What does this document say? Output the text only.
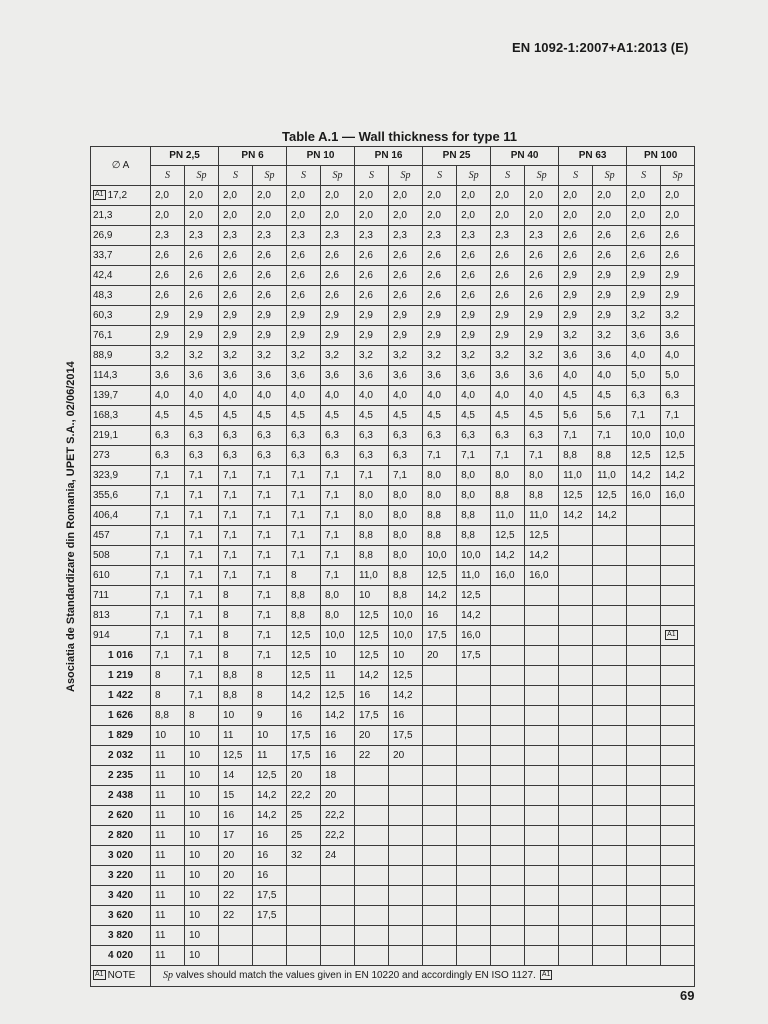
EN 1092-1:2007+A1:2013 (E)
Asociatia de Standardizare din Romania, UPET S.A., 02/06/2014
Table A.1 — Wall thickness for type 11
∅ A	PN 2,5		PN 6		PN 10		PN 16		PN 25		PN 40		PN 63		PN 100	
	S	Sp	S	Sp	S	Sp	S	Sp	S	Sp	S	Sp	S	Sp	S	Sp
A1 17,2	2,0	2,0	2,0	2,0	2,0	2,0	2,0	2,0	2,0	2,0	2,0	2,0	2,0	2,0	2,0	2,0
21,3	2,0	2,0	2,0	2,0	2,0	2,0	2,0	2,0	2,0	2,0	2,0	2,0	2,0	2,0	2,0	2,0
26,9	2,3	2,3	2,3	2,3	2,3	2,3	2,3	2,3	2,3	2,3	2,3	2,3	2,6	2,6	2,6	2,6
33,7	2,6	2,6	2,6	2,6	2,6	2,6	2,6	2,6	2,6	2,6	2,6	2,6	2,6	2,6	2,6	2,6
42,4	2,6	2,6	2,6	2,6	2,6	2,6	2,6	2,6	2,6	2,6	2,6	2,6	2,9	2,9	2,9	2,9
48,3	2,6	2,6	2,6	2,6	2,6	2,6	2,6	2,6	2,6	2,6	2,6	2,6	2,9	2,9	2,9	2,9
60,3	2,9	2,9	2,9	2,9	2,9	2,9	2,9	2,9	2,9	2,9	2,9	2,9	2,9	2,9	3,2	3,2
76,1	2,9	2,9	2,9	2,9	2,9	2,9	2,9	2,9	2,9	2,9	2,9	2,9	3,2	3,2	3,6	3,6
88,9	3,2	3,2	3,2	3,2	3,2	3,2	3,2	3,2	3,2	3,2	3,2	3,2	3,6	3,6	4,0	4,0
114,3	3,6	3,6	3,6	3,6	3,6	3,6	3,6	3,6	3,6	3,6	3,6	3,6	4,0	4,0	5,0	5,0
139,7	4,0	4,0	4,0	4,0	4,0	4,0	4,0	4,0	4,0	4,0	4,0	4,0	4,5	4,5	6,3	6,3
168,3	4,5	4,5	4,5	4,5	4,5	4,5	4,5	4,5	4,5	4,5	4,5	4,5	5,6	5,6	7,1	7,1
219,1	6,3	6,3	6,3	6,3	6,3	6,3	6,3	6,3	6,3	6,3	6,3	6,3	7,1	7,1	10,0	10,0
273	6,3	6,3	6,3	6,3	6,3	6,3	6,3	6,3	7,1	7,1	7,1	7,1	8,8	8,8	12,5	12,5
323,9	7,1	7,1	7,1	7,1	7,1	7,1	7,1	7,1	8,0	8,0	8,0	8,0	11,0	11,0	14,2	14,2
355,6	7,1	7,1	7,1	7,1	7,1	7,1	8,0	8,0	8,0	8,0	8,8	8,8	12,5	12,5	16,0	16,0
406,4	7,1	7,1	7,1	7,1	7,1	7,1	8,0	8,0	8,8	8,8	11,0	11,0	14,2	14,2		
457	7,1	7,1	7,1	7,1	7,1	7,1	8,8	8,0	8,8	8,8	12,5	12,5				
508	7,1	7,1	7,1	7,1	7,1	7,1	8,8	8,0	10,0	10,0	14,2	14,2				
610	7,1	7,1	7,1	7,1	8	7,1	11,0	8,8	12,5	11,0	16,0	16,0				
711	7,1	7,1	8	7,1	8,8	8,0	10	8,8	14,2	12,5						
813	7,1	7,1	8	7,1	8,8	8,0	12,5	10,0	16	14,2						
914	7,1	7,1	8	7,1	12,5	10,0	12,5	10,0	17,5	16,0						A1
1 016	7,1	7,1	8	7,1	12,5	10	12,5	10	20	17,5						
1 219	8	7,1	8,8	8	12,5	11	14,2	12,5								
1 422	8	7,1	8,8	8	14,2	12,5	16	14,2								
1 626	8,8	8	10	9	16	14,2	17,5	16								
1 829	10	10	11	10	17,5	16	20	17,5								
2 032	11	10	12,5	11	17,5	16	22	20								
2 235	11	10	14	12,5	20	18										
2 438	11	10	15	14,2	22,2	20										
2 620	11	10	16	14,2	25	22,2										
2 820	11	10	17	16	25	22,2										
3 020	11	10	20	16	32	24										
3 220	11	10	20	16												
3 420	11	10	22	17,5												
3 620	11	10	22	17,5												
3 820	11	10														
4 020	11	10														
A1 NOTE	Sp valves should match the values given in EN 10220 and accordingly EN ISO 1127. A1															
69
